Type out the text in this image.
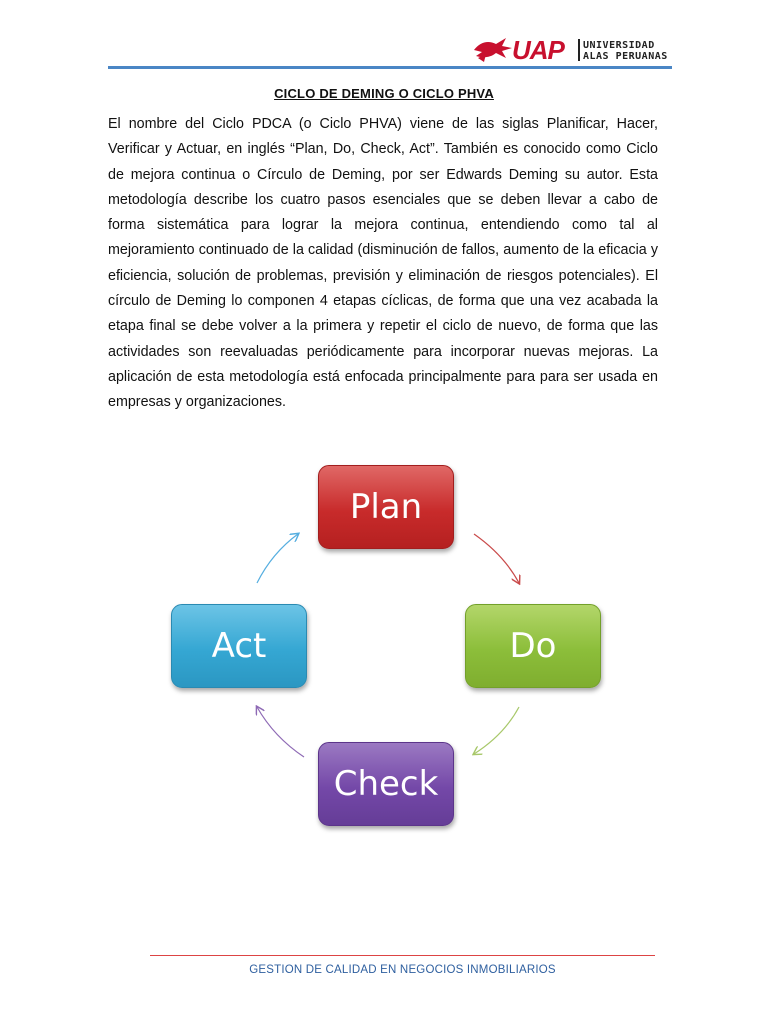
UAP UNIVERSIDAD
ALAS PERUANAS
CICLO DE DEMING O CICLO PHVA

El nombre del Ciclo PDCA (o Ciclo PHVA) viene de las siglas Planificar, Hacer, Verificar y Actuar, en inglés “Plan, Do, Check, Act”. También es conocido como Ciclo de mejora continua o Círculo de Deming, por ser Edwards Deming su autor. Esta metodología describe los cuatro pasos esenciales que se deben llevar a cabo de forma sistemática para lograr la mejora continua, entendiendo como tal al mejoramiento continuado de la calidad (disminución de fallos, aumento de la eficacia y eficiencia, solución de problemas, previsión y eliminación de riesgos potenciales). El círculo de Deming lo componen 4 etapas cíclicas, de forma que una vez acabada la etapa final se debe volver a la primera y repetir el ciclo de nuevo, de forma que las actividades son reevaluadas periódicamente para incorporar nuevas mejoras. La aplicación de esta metodología está enfocada principalmente para para ser usada en empresas y organizaciones.

Plan
Do
Check
Act
GESTION DE CALIDAD EN NEGOCIOS INMOBILIARIOS
